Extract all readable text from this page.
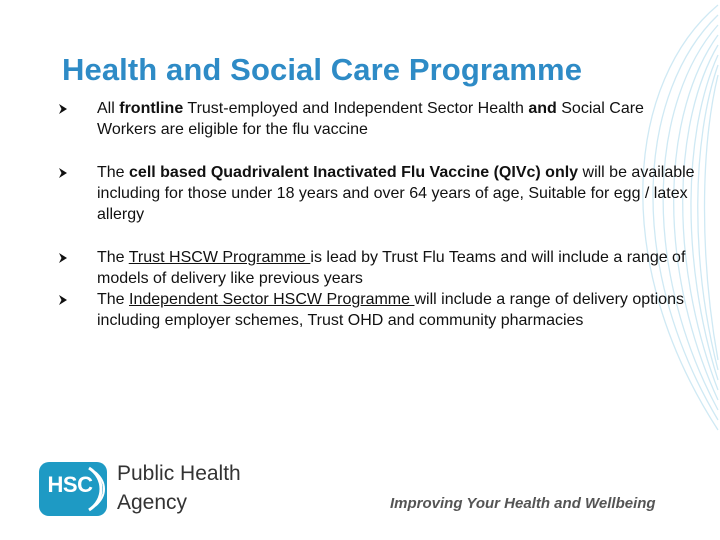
Health and Social Care Programme
All frontline Trust-employed and Independent Sector Health and Social Care Workers are eligible for the flu vaccine
The cell based Quadrivalent Inactivated Flu Vaccine (QIVc) only will be available including for those under 18 years and over 64 years of age, Suitable for egg / latex allergy
The Trust HSCW Programme is lead by Trust Flu Teams and will include a range of models of delivery like previous years
The Independent Sector HSCW Programme will include a range of delivery options including employer schemes, Trust OHD and community pharmacies
HSC	Public Health
Agency	Improving Your Health and Wellbeing
